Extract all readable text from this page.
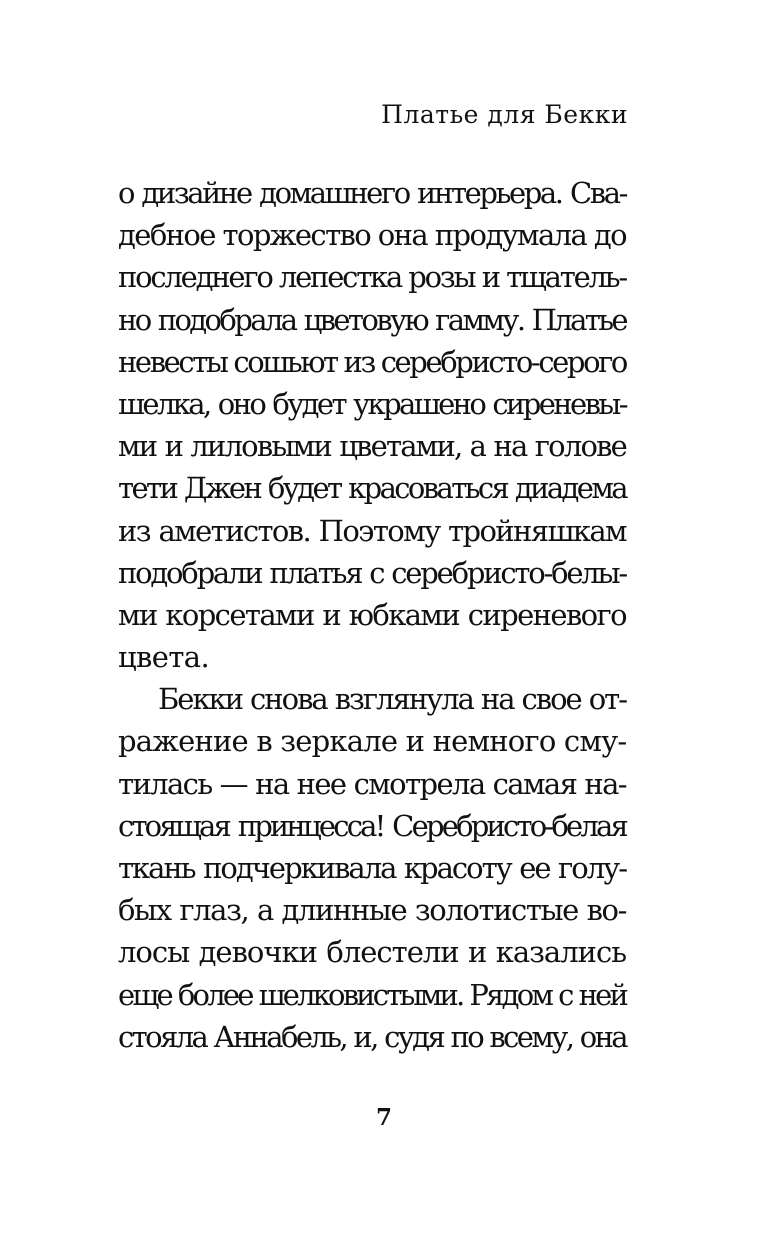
Платье для Бекки
о дизайне домашнего интерьера. Сва-
дебное торжество она продумала до
последнего лепестка розы и тщатель-
но подобрала цветовую гамму. Платье
невесты сошьют из серебристо-серого
шелка, оно будет украшено сиреневы-
ми и лиловыми цветами, а на голове
тети Джен будет красоваться диадема
из аметистов. Поэтому тройняшкам
подобрали платья с серебристо-белы-
ми корсетами и юбками сиреневого
цвета.
Бекки снова взглянула на свое от-
ражение в зеркале и немного сму-
тилась — на нее смотрела самая на-
стоящая принцесса! Серебристо-белая
ткань подчеркивала красоту ее голу-
бых глаз, а длинные золотистые во-
лосы девочки блестели и казались
еще более шелковистыми. Рядом с ней
стояла Аннабель, и, судя по всему, она
7
